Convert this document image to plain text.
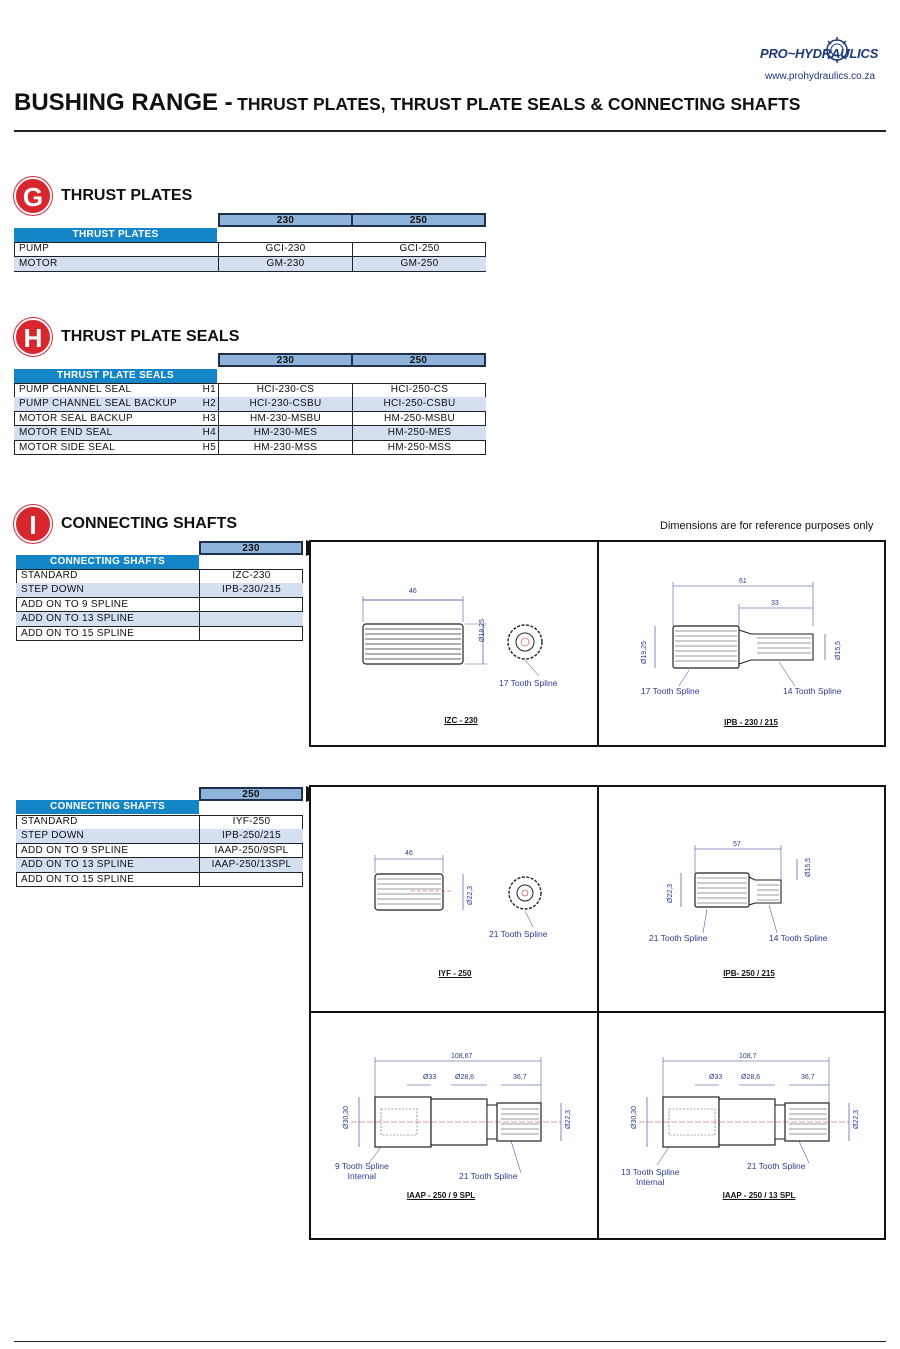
PRO~HYDRAULICS
www.prohydraulics.co.za
BUSHING RANGE - THRUST PLATES, THRUST PLATE SEALS & CONNECTING SHAFTS
G	THRUST PLATES
230	250
THRUST PLATES
PUMP	GCI-230	GCI-250
MOTOR	GM-230	GM-250
H	THRUST PLATE SEALS
230	250
THRUST PLATE SEALS
PUMP CHANNEL SEAL	H1	HCI-230-CS	HCI-250-CS
PUMP CHANNEL SEAL BACKUP	H2	HCI-230-CSBU	HCI-250-CSBU
MOTOR SEAL BACKUP	H3	HM-230-MSBU	HM-250-MSBU
MOTOR END SEAL	H4	HM-230-MES	HM-250-MES
MOTOR SIDE SEAL	H5	HM-230-MSS	HM-250-MSS
I	CONNECTING SHAFTS	Dimensions are for reference purposes only
230
CONNECTING SHAFTS
STANDARD	IZC-230
STEP DOWN	IPB-230/215
ADD ON TO 9 SPLINE
ADD ON TO 13 SPLINE
ADD ON TO 15 SPLINE
250
CONNECTING SHAFTS
STANDARD	IYF-250
STEP DOWN	IPB-250/215
ADD ON TO 9 SPLINE	IAAP-250/9SPL
ADD ON TO 13 SPLINE	IAAP-250/13SPL
ADD ON TO 15 SPLINE
46
Ø18,25
17 Tooth Spline
IZC - 230
61
33
Ø19,25	Ø15,5
17 Tooth Spline	14 Tooth Spline
IPB - 230 / 215
46
Ø22,3
21 Tooth Spline
IYF - 250
57
Ø22,3
Ø15,5
21 Tooth Spline	14 Tooth Spline
IPB- 250 / 215
108,67
Ø33	Ø28,6	36,7
Ø30,30	Ø22,3
9 Tooth Spline
Internal	21 Tooth Spline
IAAP - 250 / 9 SPL
108,7
Ø33	Ø28,6	36,7
Ø30,30	Ø22,3
13 Tooth Spline
Internal
21 Tooth Spline
IAAP - 250 / 13 SPL
